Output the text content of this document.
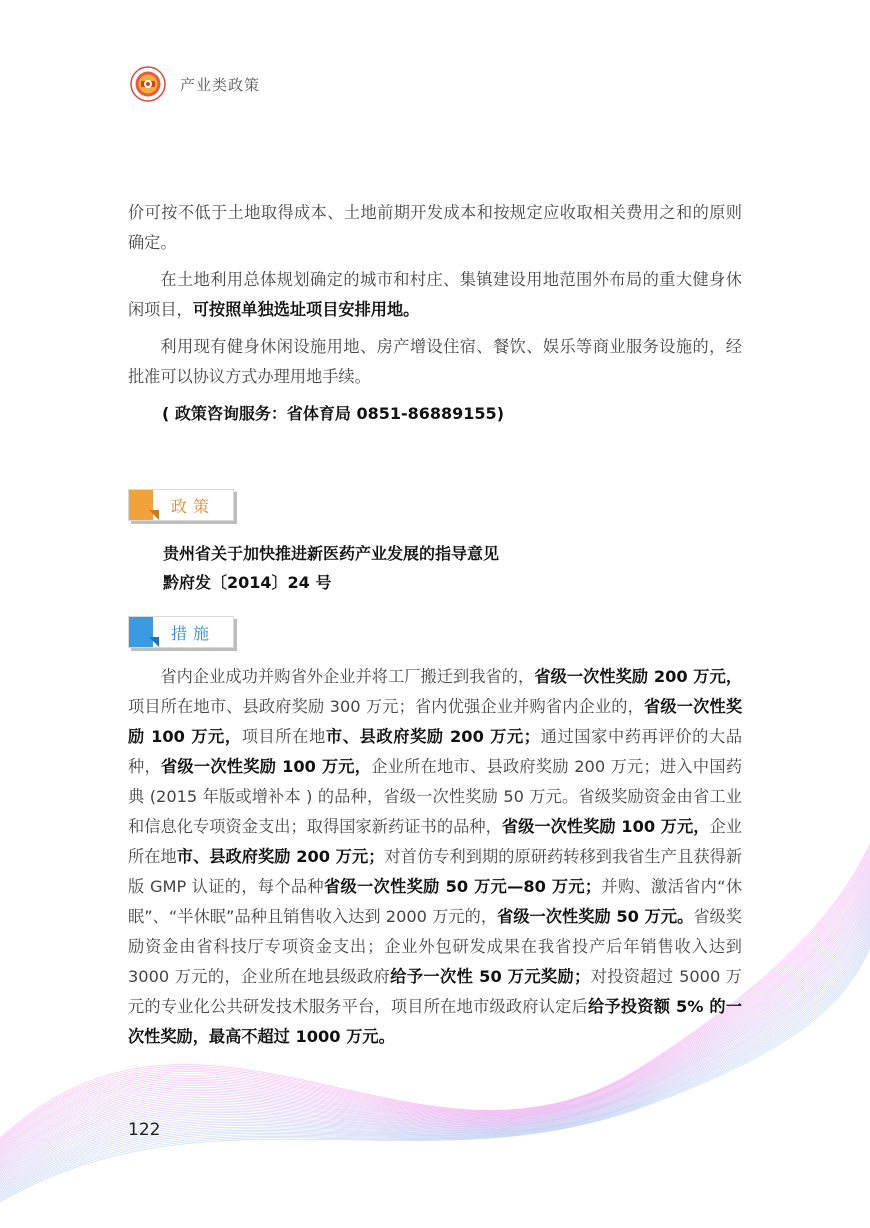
产业类政策

价可按不低于土地取得成本、土地前期开发成本和按规定应收取相关费用之和的原则确定。

在土地利用总体规划确定的城市和村庄、集镇建设用地范围外布局的重大健身休闲项目，可按照单独选址项目安排用地。

利用现有健身休闲设施用地、房产增设住宿、餐饮、娱乐等商业服务设施的，经批准可以协议方式办理用地手续。

( 政策咨询服务：省体育局 0851-86889155)
政策
贵州省关于加快推进新医药产业发展的指导意见
黔府发〔2014〕24 号
措施

省内企业成功并购省外企业并将工厂搬迁到我省的，省级一次性奖励 200 万元，项目所在地市、县政府奖励 300 万元；省内优强企业并购省内企业的，省级一次性奖励 100 万元，项目所在地市、县政府奖励 200 万元；通过国家中药再评价的大品种，省级一次性奖励 100 万元，企业所在地市、县政府奖励 200 万元；进入中国药典 (2015 年版或增补本 ) 的品种，省级一次性奖励 50 万元。省级奖励资金由省工业和信息化专项资金支出；取得国家新药证书的品种，省级一次性奖励 100 万元，企业所在地市、县政府奖励 200 万元；对首仿专利到期的原研药转移到我省生产且获得新版 GMP 认证的，每个品种省级一次性奖励 50 万元—80 万元；并购、激活省内“休眠”、“半休眠”品种且销售收入达到 2000 万元的，省级一次性奖励 50 万元。省级奖励资金由省科技厅专项资金支出；企业外包研发成果在我省投产后年销售收入达到 3000 万元的，企业所在地县级政府给予一次性 50 万元奖励；对投资超过 5000 万元的专业化公共研发技术服务平台，项目所在地市级政府认定后给予投资额 5% 的一次性奖励，最高不超过 1000 万元。

122
